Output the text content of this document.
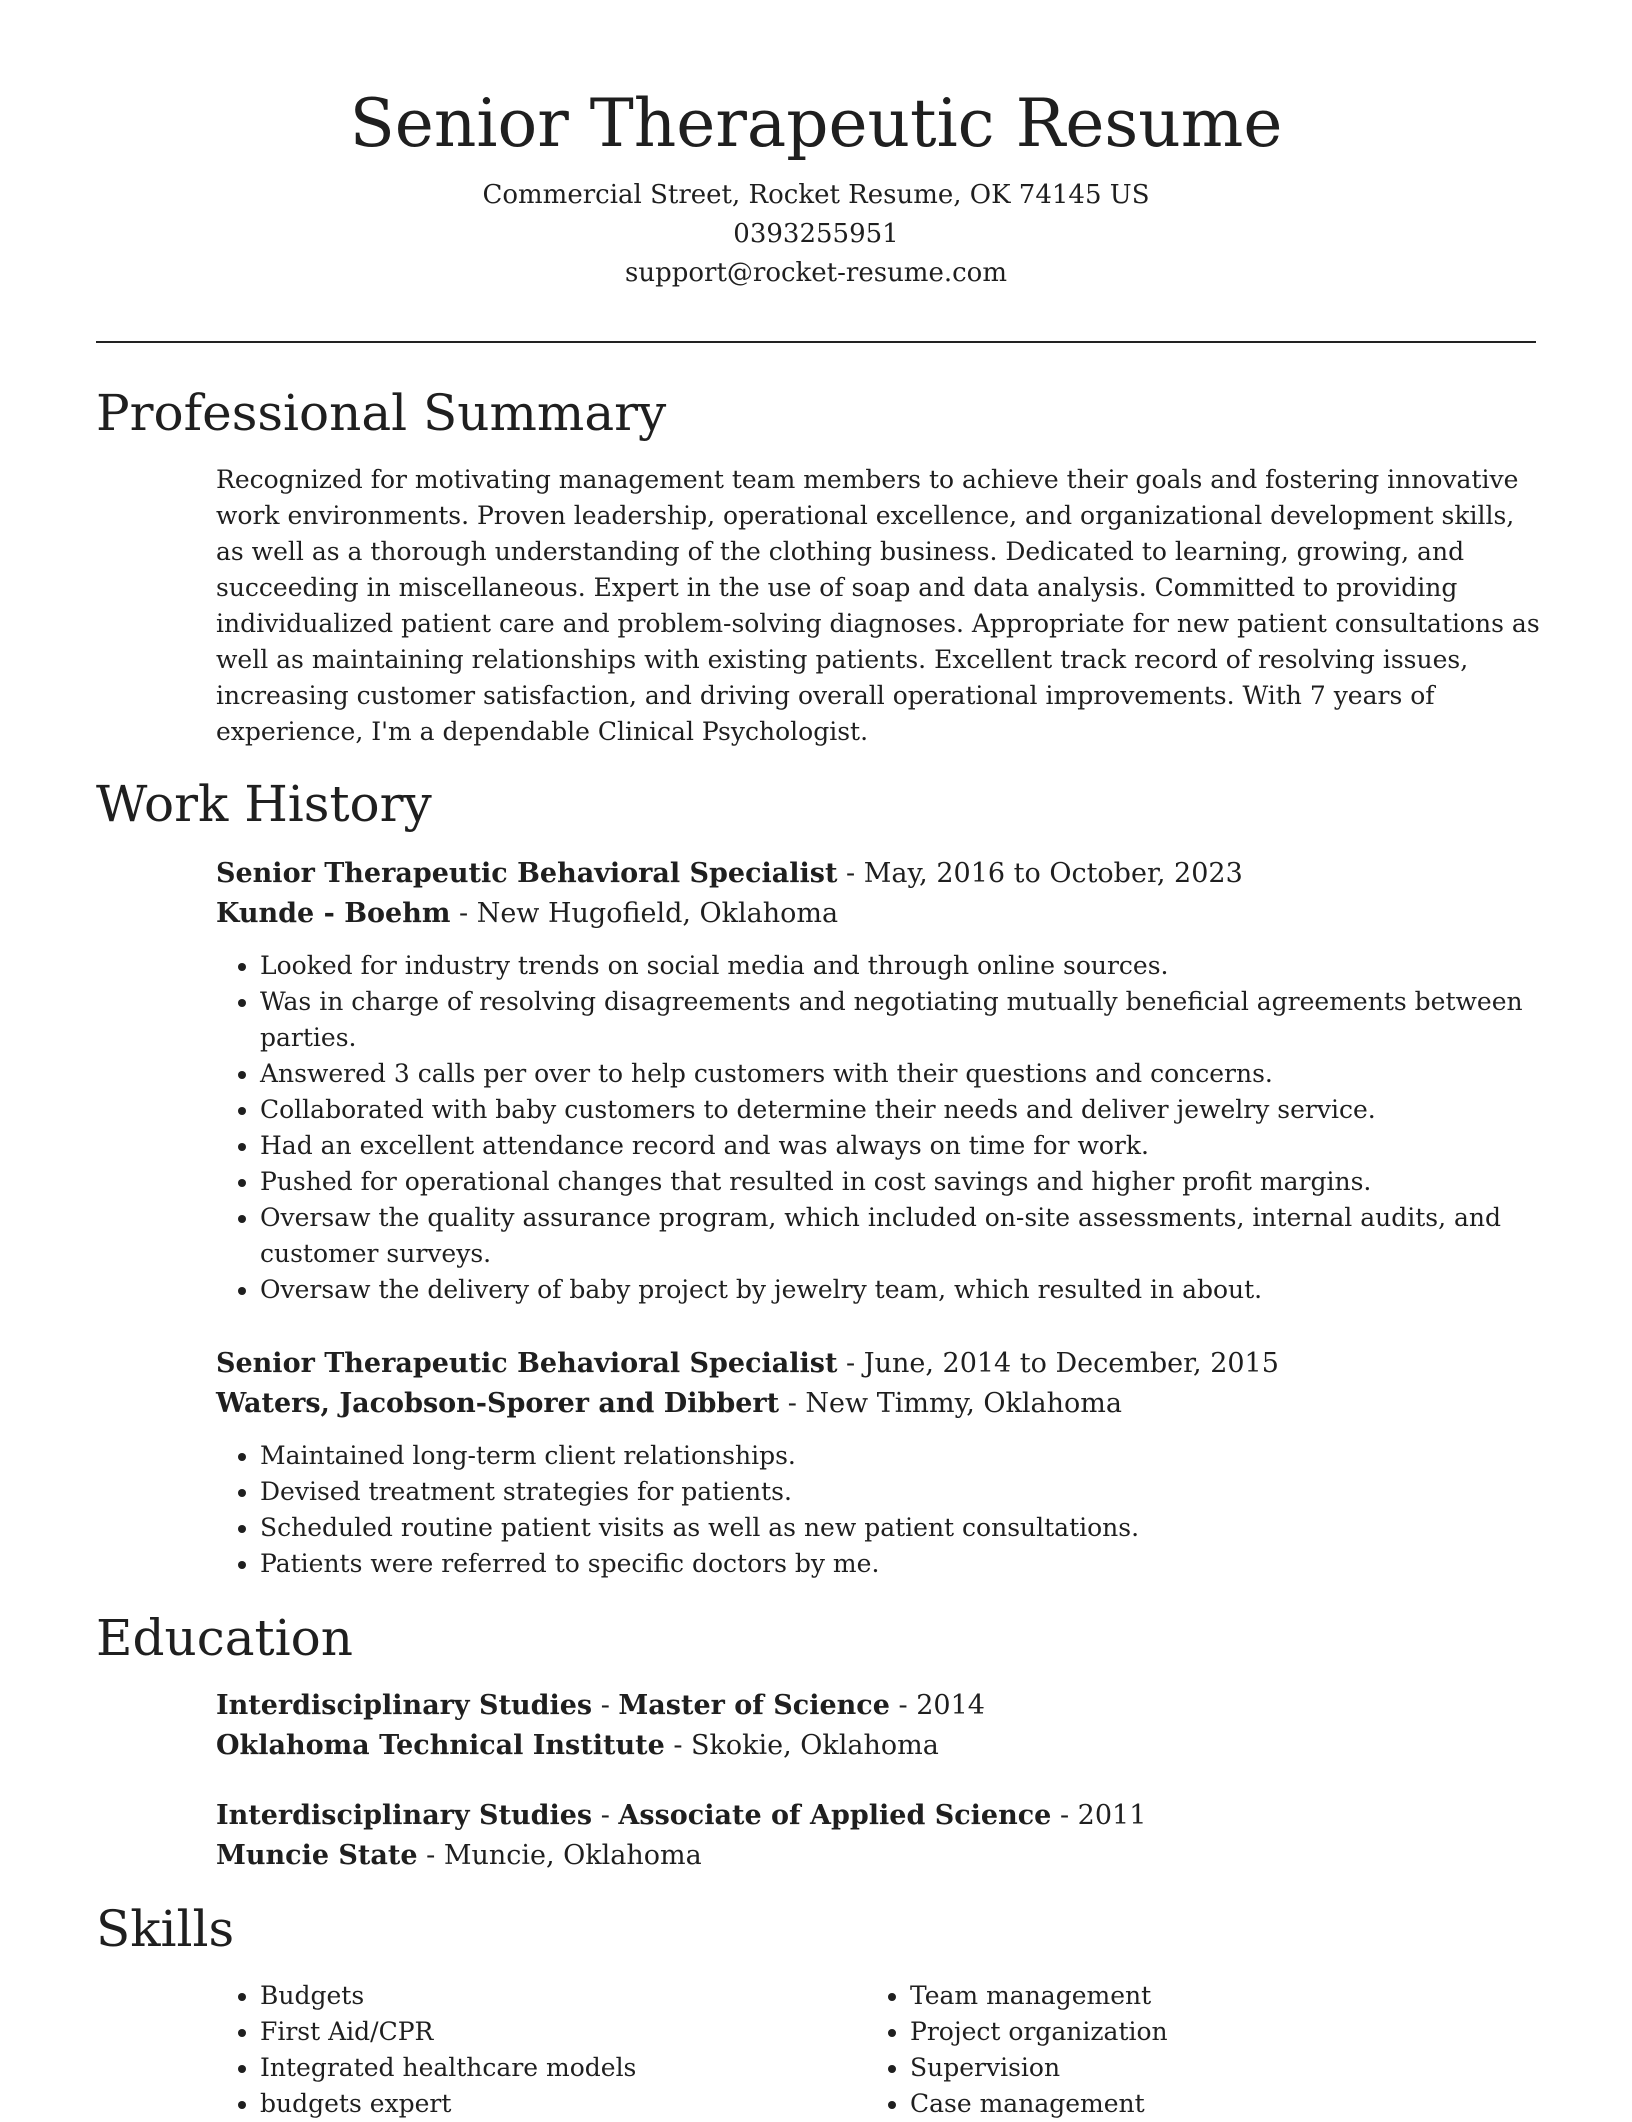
Senior Therapeutic Resume
Commercial Street, Rocket Resume, OK 74145 US
0393255951
support@rocket-resume.com
Professional Summary
Recognized for motivating management team members to achieve their goals and fostering innovative work environments. Proven leadership, operational excellence, and organizational development skills, as well as a thorough understanding of the clothing business. Dedicated to learning, growing, and succeeding in miscellaneous. Expert in the use of soap and data analysis. Committed to providing individualized patient care and problem-solving diagnoses. Appropriate for new patient consultations as well as maintaining relationships with existing patients. Excellent track record of resolving issues, increasing customer satisfaction, and driving overall operational improvements. With 7 years of experience, I'm a dependable Clinical Psychologist.
Work History
Senior Therapeutic Behavioral Specialist - May, 2016 to October, 2023
Kunde - Boehm - New Hugofield, Oklahoma
• Looked for industry trends on social media and through online sources.
• Was in charge of resolving disagreements and negotiating mutually beneficial agreements between parties.
• Answered 3 calls per over to help customers with their questions and concerns.
• Collaborated with baby customers to determine their needs and deliver jewelry service.
• Had an excellent attendance record and was always on time for work.
• Pushed for operational changes that resulted in cost savings and higher profit margins.
• Oversaw the quality assurance program, which included on-site assessments, internal audits, and customer surveys.
• Oversaw the delivery of baby project by jewelry team, which resulted in about.
Senior Therapeutic Behavioral Specialist - June, 2014 to December, 2015
Waters, Jacobson-Sporer and Dibbert - New Timmy, Oklahoma
• Maintained long-term client relationships.
• Devised treatment strategies for patients.
• Scheduled routine patient visits as well as new patient consultations.
• Patients were referred to specific doctors by me.
Education
Interdisciplinary Studies - Master of Science - 2014
Oklahoma Technical Institute - Skokie, Oklahoma
Interdisciplinary Studies - Associate of Applied Science - 2011
Muncie State - Muncie, Oklahoma
Skills
• Budgets
• First Aid/CPR
• Integrated healthcare models
• budgets expert
• Team management
• Project organization
• Supervision
• Case management
